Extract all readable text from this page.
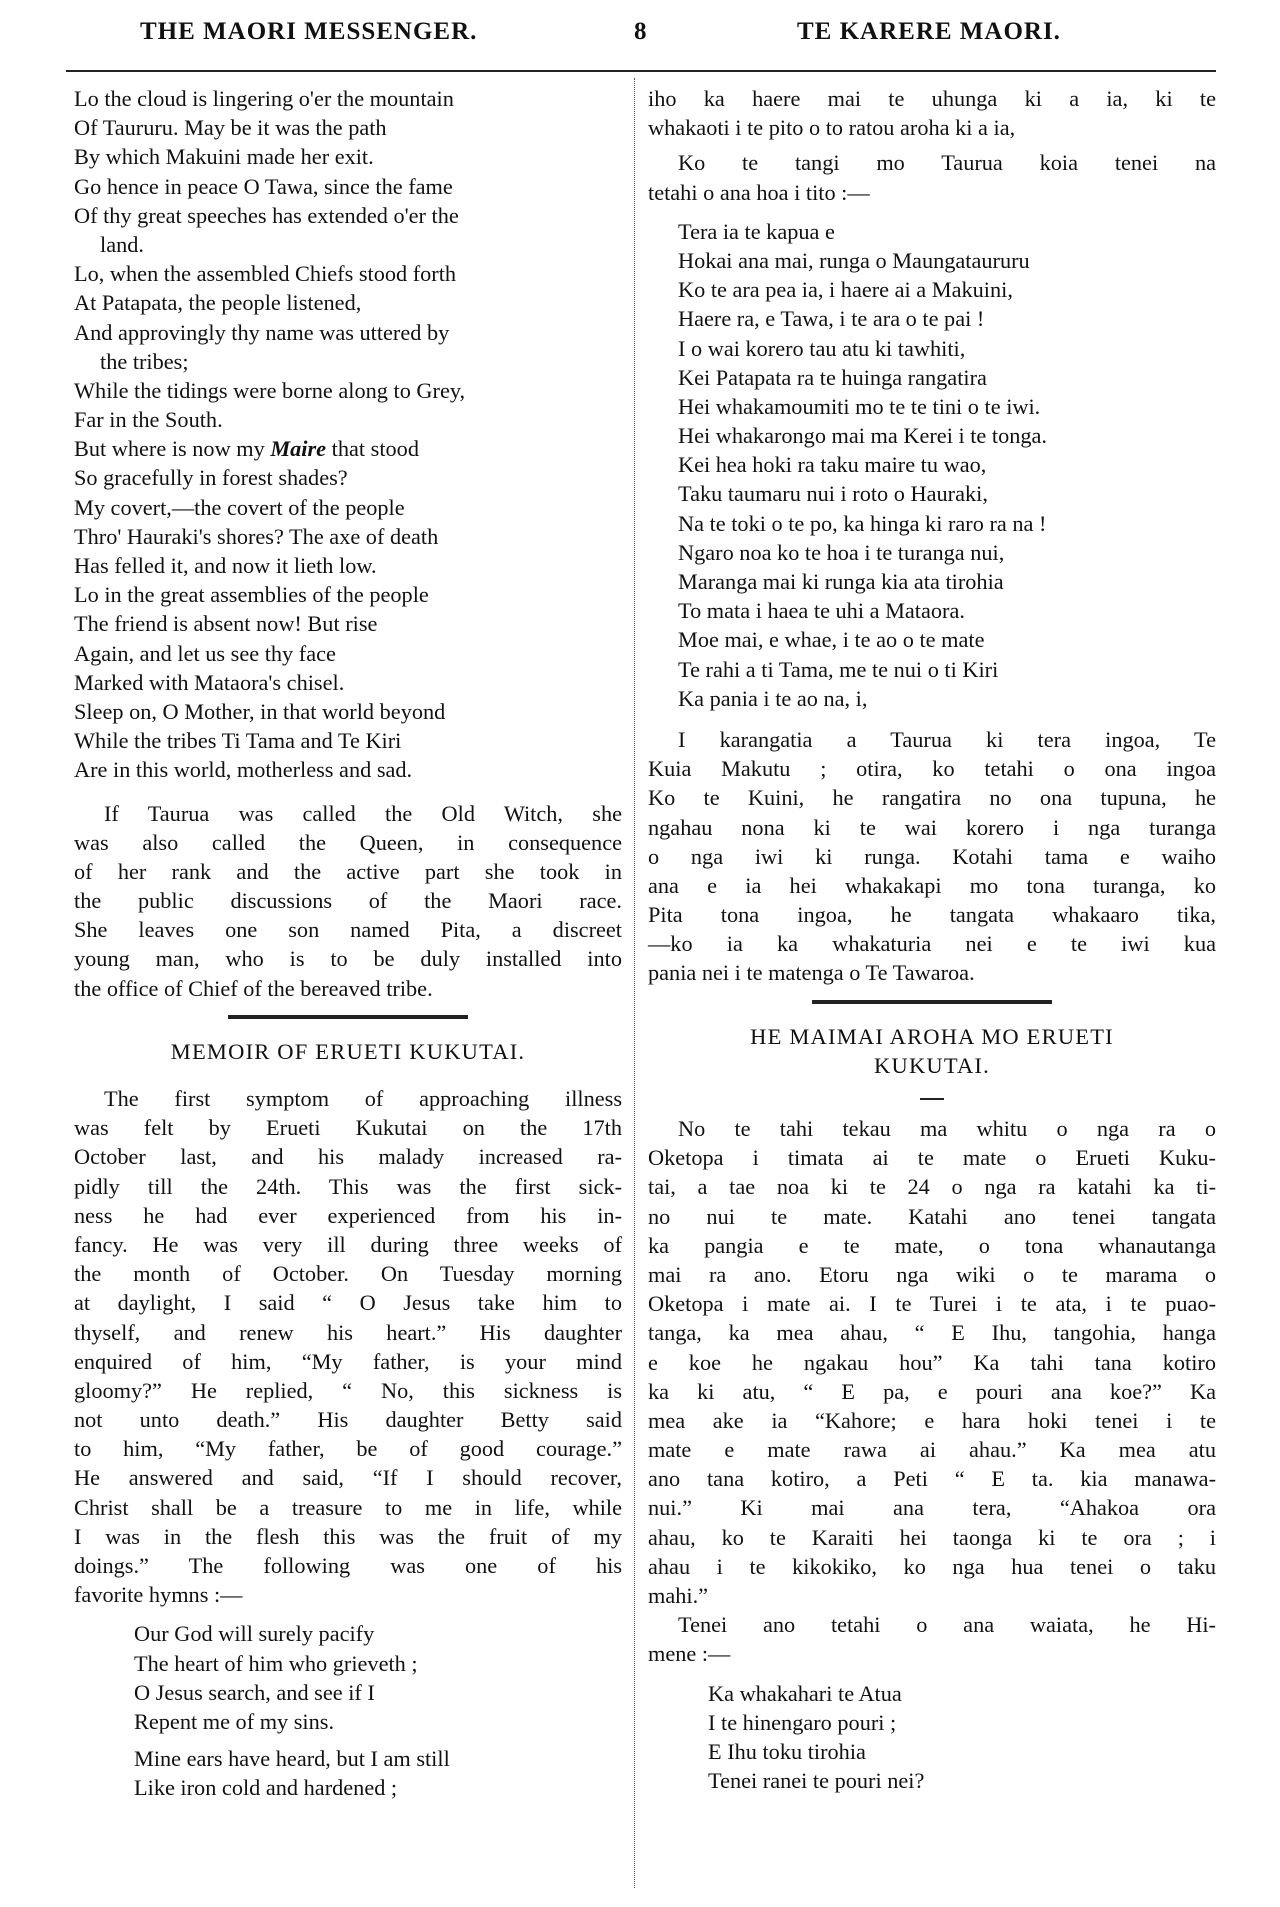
THE MAORI MESSENGER.	8	TE KARERE MAORI.
Lo the cloud is lingering o'er the mountain
Of Taururu. May be it was the path
By which Makuini made her exit.
Go hence in peace O Tawa, since the fame
Of thy great speeches has extended o'er the
land.
Lo, when the assembled Chiefs stood forth
At Patapata, the people listened,
And approvingly thy name was uttered by
the tribes;
While the tidings were borne along to Grey,
Far in the South.
But where is now my Maire that stood
So gracefully in forest shades?
My covert,—the covert of the people
Thro' Hauraki's shores? The axe of death
Has felled it, and now it lieth low.
Lo in the great assemblies of the people
The friend is absent now! But rise
Again, and let us see thy face
Marked with Mataora's chisel.
Sleep on, O Mother, in that world beyond
While the tribes Ti Tama and Te Kiri
Are in this world, motherless and sad.
If Taurua was called the Old Witch, she
was also called the Queen, in consequence
of her rank and the active part she took in
the public discussions of the Maori race.
She leaves one son named Pita, a discreet
young man, who is to be duly installed into
the office of Chief of the bereaved tribe.
MEMOIR OF ERUETI KUKUTAI.
The first symptom of approaching illness
was felt by Erueti Kukutai on the 17th
October last, and his malady increased ra-
pidly till the 24th. This was the first sick-
ness he had ever experienced from his in-
fancy. He was very ill during three weeks of
the month of October. On Tuesday morning
at daylight, I said “ O Jesus take him to
thyself, and renew his heart.” His daughter
enquired of him, “My father, is your mind
gloomy?” He replied, “ No, this sickness is
not unto death.” His daughter Betty said
to him, “My father, be of good courage.”
He answered and said, “If I should recover,
Christ shall be a treasure to me in life, while
I was in the flesh this was the fruit of my
doings.” The following was one of his
favorite hymns :—
Our God will surely pacify
The heart of him who grieveth ;
O Jesus search, and see if I
Repent me of my sins.
Mine ears have heard, but I am still
Like iron cold and hardened ;
iho ka haere mai te uhunga ki a ia, ki te
whakaoti i te pito o to ratou aroha ki a ia,
Ko te tangi mo Taurua koia tenei na
tetahi o ana hoa i tito :—
Tera ia te kapua e
Hokai ana mai, runga o Maungataururu
Ko te ara pea ia, i haere ai a Makuini,
Haere ra, e Tawa, i te ara o te pai !
I o wai korero tau atu ki tawhiti,
Kei Patapata ra te huinga rangatira
Hei whakamoumiti mo te te tini o te iwi.
Hei whakarongo mai ma Kerei i te tonga.
Kei hea hoki ra taku maire tu wao,
Taku taumaru nui i roto o Hauraki,
Na te toki o te po, ka hinga ki raro ra na !
Ngaro noa ko te hoa i te turanga nui,
Maranga mai ki runga kia ata tirohia
To mata i haea te uhi a Mataora.
Moe mai, e whae, i te ao o te mate
Te rahi a ti Tama, me te nui o ti Kiri
Ka pania i te ao na, i,
I karangatia a Taurua ki tera ingoa, Te
Kuia Makutu ; otira, ko tetahi o ona ingoa
Ko te Kuini, he rangatira no ona tupuna, he
ngahau nona ki te wai korero i nga turanga
o nga iwi ki runga. Kotahi tama e waiho
ana e ia hei whakakapi mo tona turanga, ko
Pita tona ingoa, he tangata whakaaro tika,
—ko ia ka whakaturia nei e te iwi kua
pania nei i te matenga o Te Tawaroa.
HE MAIMAI AROHA MO ERUETI
KUKUTAI.
No te tahi tekau ma whitu o nga ra o
Oketopa i timata ai te mate o Erueti Kuku-
tai, a tae noa ki te 24 o nga ra katahi ka ti-
no nui te mate. Katahi ano tenei tangata
ka pangia e te mate, o tona whanautanga
mai ra ano. Etoru nga wiki o te marama o
Oketopa i mate ai. I te Turei i te ata, i te puao-
tanga, ka mea ahau, “ E Ihu, tangohia, hanga
e koe he ngakau hou” Ka tahi tana kotiro
ka ki atu, “ E pa, e pouri ana koe?” Ka
mea ake ia “Kahore; e hara hoki tenei i te
mate e mate rawa ai ahau.” Ka mea atu
ano tana kotiro, a Peti “ E ta. kia manawa-
nui.” Ki mai ana tera, “Ahakoa ora
ahau, ko te Karaiti hei taonga ki te ora ; i
ahau i te kikokiko, ko nga hua tenei o taku
mahi.”
Tenei ano tetahi o ana waiata, he Hi-
mene :—
Ka whakahari te Atua
I te hinengaro pouri ;
E Ihu toku tirohia
Tenei ranei te pouri nei?
